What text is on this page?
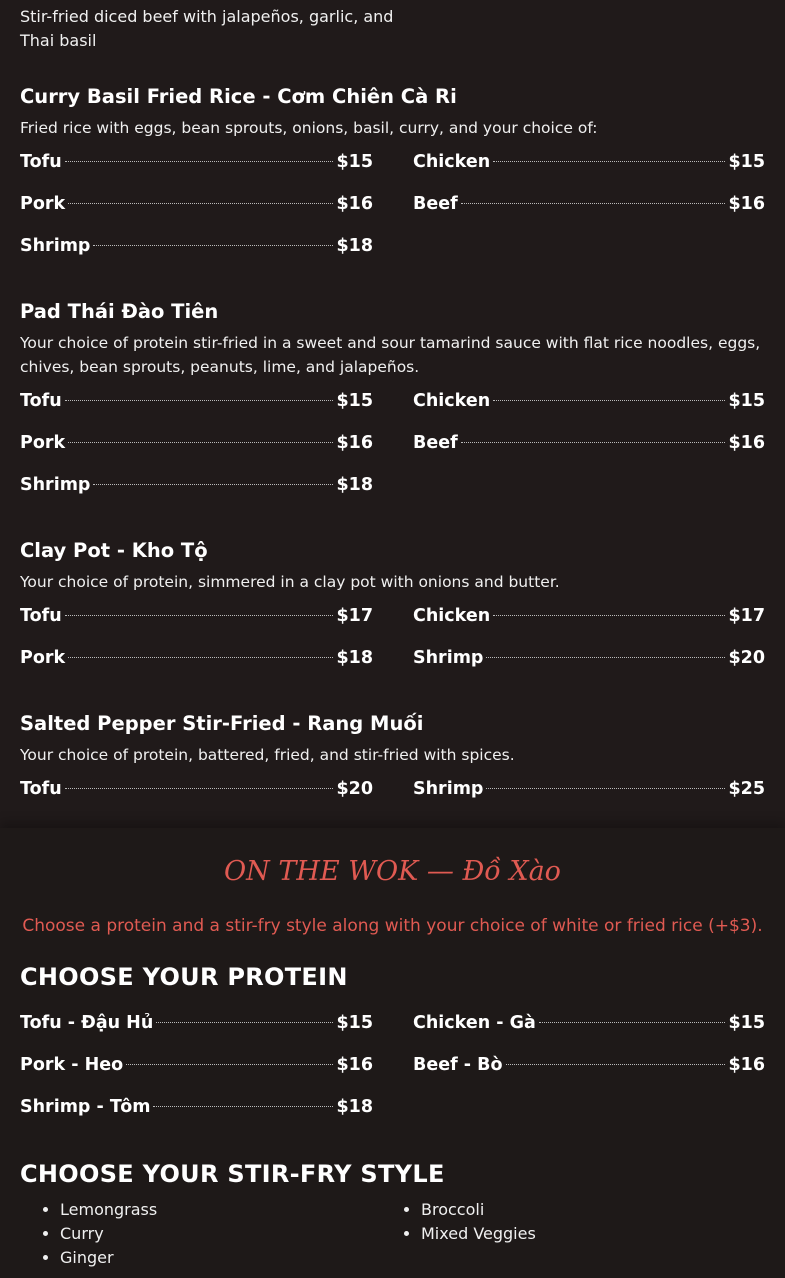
Stir-fried diced beef with jalapeños, garlic, and Thai basil
Curry Basil Fried Rice - Cơm Chiên Cà Ri

Fried rice with eggs, bean sprouts, onions, basil, curry, and your choice of:

Tofu	$15 Chicken	$15
Pork	$16 Beef	$16
Shrimp	$18
Pad Thái Đào Tiên

Your choice of protein stir-fried in a sweet and sour tamarind sauce with flat rice noodles, eggs, chives, bean sprouts, peanuts, lime, and jalapeños.

Tofu	$15 Chicken	$15
Pork	$16 Beef	$16
Shrimp	$18
Clay Pot - Kho Tộ

Your choice of protein, simmered in a clay pot with onions and butter.

Tofu	$17 Chicken	$17
Pork	$18 Shrimp	$20
Salted Pepper Stir-Fried - Rang Muối

Your choice of protein, battered, fried, and stir-fried with spices.

Tofu	$20 Shrimp	$25
ON THE WOK — Đồ Xào
Choose a protein and a stir-fry style along with your choice of white or fried rice (+$3).
CHOOSE YOUR PROTEIN
Tofu - Đậu Hủ	$15 Chicken - Gà	$15
Pork - Heo	$16 Beef - Bò	$16
Shrimp - Tôm	$18
CHOOSE YOUR STIR-FRY STYLE
• Lemongrass
• Curry
• Ginger
• Broccoli
• Mixed Veggies
